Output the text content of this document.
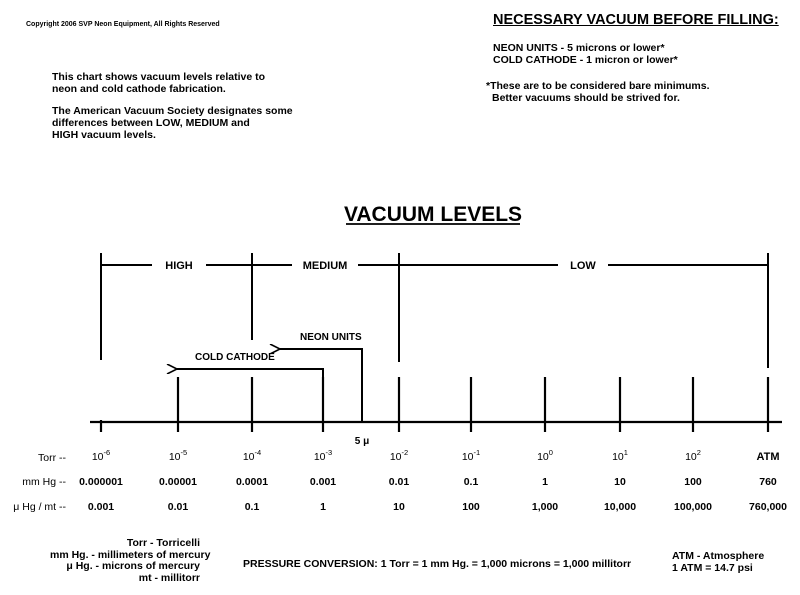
Copyright 2006 SVP Neon Equipment, All Rights Reserved

This chart shows vacuum levels relative to
neon and cold cathode fabrication.

The American Vacuum Society designates some
differences between LOW, MEDIUM and
HIGH vacuum levels.

NECESSARY VACUUM BEFORE FILLING:
NEON UNITS - 5 microns or lower*
COLD CATHODE - 1 micron or lower*
*These are to be considered bare minimums.
Better vacuums should be strived for.
VACUUM LEVELS
HIGH	MEDIUM	LOW
NEON UNITS
COLD CATHODE
5 μ
Torr --
mm Hg --
μ Hg / mt --
$10^{-6}$
0.000001
0.001
$10^{-5}$
0.00001
0.01
$10^{-4}$
0.0001
0.1
$10^{-3}$
0.001
1
$10^{-2}$
0.01
10
$10^{-1}$
0.1
100
$10^0$
1
1,000
$10^1$
10
10,000
$10^2$
100
100,000
ATM
760
760,000
Torr - Torricelli
mm Hg. - millimeters of mercury
μ Hg. - microns of mercury
mt - millitorr
PRESSURE CONVERSION: 1 Torr = 1 mm Hg. = 1,000 microns = 1,000 millitorr
ATM - Atmosphere
1 ATM = 14.7 psi
